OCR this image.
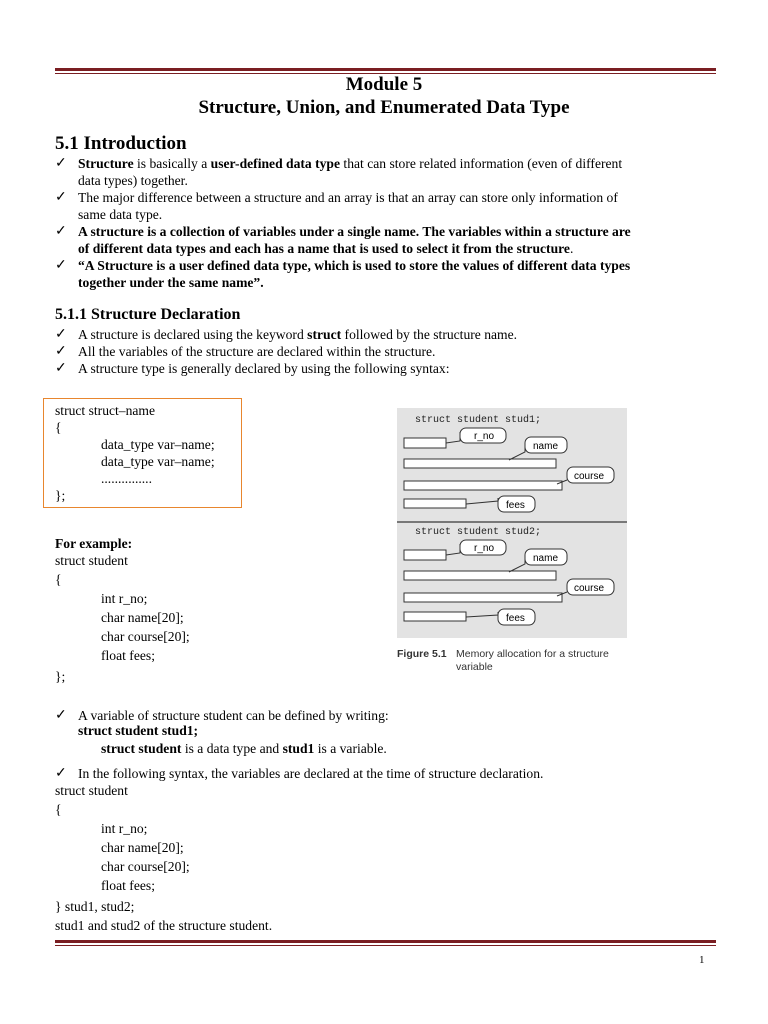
Module 5
Structure, Union, and Enumerated Data Type
5.1 Introduction
✓ Structure is basically a user-defined data type that can store related information (even of different
data types) together.
✓ The major difference between a structure and an array is that an array can store only information of
same data type.
✓ A structure is a collection of variables under a single name. The variables within a structure are
of different data types and each has a name that is used to select it from the structure.
✓ “A Structure is a user defined data type, which is used to store the values of different data types
together under the same name”.
5.1.1 Structure Declaration
✓ A structure is declared using the keyword struct followed by the structure name.
✓ All the variables of the structure are declared within the structure.
✓ A structure type is generally declared by using the following syntax:
struct struct–name
{
data_type var–name;
data_type var–name;
...............
};
For example:
struct student
{
int r_no;
char name[20];
char course[20];
float fees;
};
struct student stud1;
struct student stud2;
r_no
name
course
fees
r_no
name
course
fees
Figure 5.1 Memory allocation for a structure
variable
✓ A variable of structure student can be defined by writing:
struct student stud1;
struct student is a data type and stud1 is a variable.
✓ In the following syntax, the variables are declared at the time of structure declaration.
struct student
{
int r_no;
char name[20];
char course[20];
float fees;
} stud1, stud2;
stud1 and stud2 of the structure student.
1
